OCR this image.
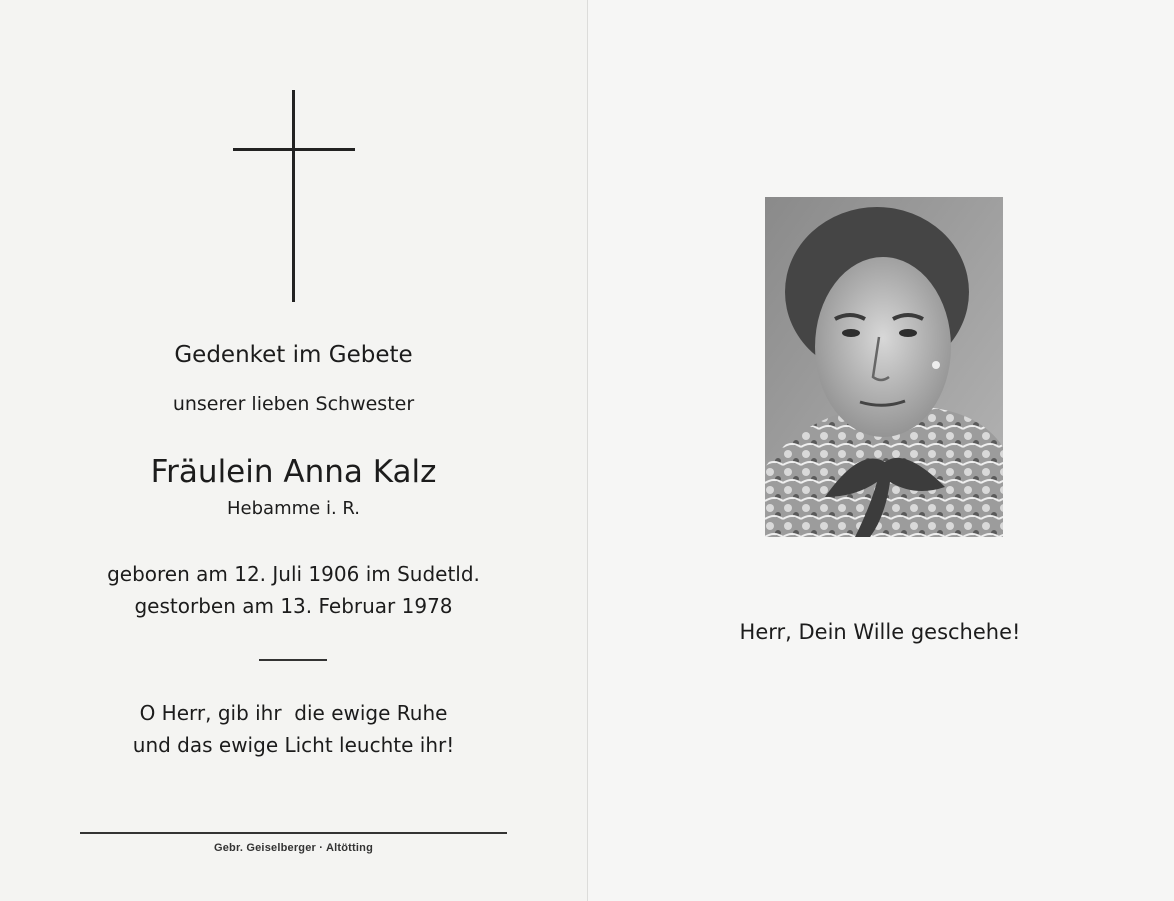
Gedenket im Gebete
unserer lieben Schwester
Fräulein Anna Kalz
Hebamme i. R.
geboren am 12. Juli 1906 im Sudetld.
gestorben am 13. Februar 1978
O Herr, gib ihr  die ewige Ruhe
und das ewige Licht leuchte ihr!
Gebr. Geiselberger · Altötting
Herr, Dein Wille geschehe!
